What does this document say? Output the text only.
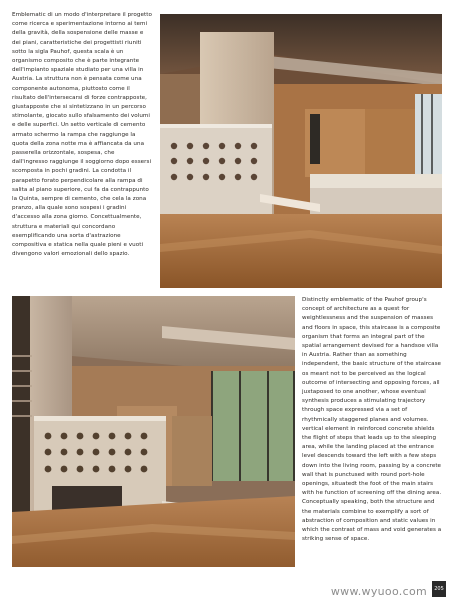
Emblematic di un modo d'interpretare il progetto come ricerca e sperimentazione intorno ai temi della gravità, della sospensione delle masse e dei piani, caratteristiche dei progettisti riuniti sotto la sigla Pauhof, questa scala è un organismo composito che è parte integrante dell'impianto spaziale studiato per una villa in Austria. La struttura non è pensata come una componente autonoma, piuttosto come il risultato dell'intersecarsi di forze contrapposte, giustapposte che si sintetizzano in un percorso stimolante, giocato sullo sfalsamento dei volumi e delle superfici. Un setto verticale di cemento armato schermo la rampa che raggiunge la quota della zona notte ma è affiancata da una passerella orizzontale, sospesa, che dall'ingresso raggiunge il soggiorno dopo essersi scomposta in pochi gradini. La condotta il parapetto forato perpendicolare alla rampa di salita al piano superiore, cui fa da contrappunto la Quinta, sempre di cemento, che cela la zona pranzo, alla quale sono sospesi i gradini d'accesso alla zona giorno. Concettualmente, struttura e materiali qui concordano esemplificando una sorta d'astrazione compositiva e statica nella quale pieni e vuoti divengono valori emozionali dello spazio.
Distinctly emblematic of the Pauhof group's concept of architecture as a quest for weightlessness and the suspension of masses and floors in space, this staircase is a composite organism that forms an integral part of the spatial arrangement devised for a handsoe villa in Austria. Rather than as something independent, the basic structure of the staircase os meant not to be perceived as the logical outcome of intersecting and opposing forces, all juxtaposed to one another, whose eventual synthesis produces a stimulating trajectory through space expressed via a set of rhythmically staggered planes and volumes. vertical element in reinforced concrete shields the flight of steps that leads up to the sleeping area, while the landing placed at the entrance level descends toward the left with a few steps down into the living room, passing by a concrete wall that is punctused with round port-hole openings, situatedt the foot of the main stairs with he function of screening off the dining area. Conceptually speaking, both the structure and the materials combine to exemplify a sort of abstraction of composition and static values in which the contrast of mass and void generates a striking sense of space.
www.wyuoo.com 205
